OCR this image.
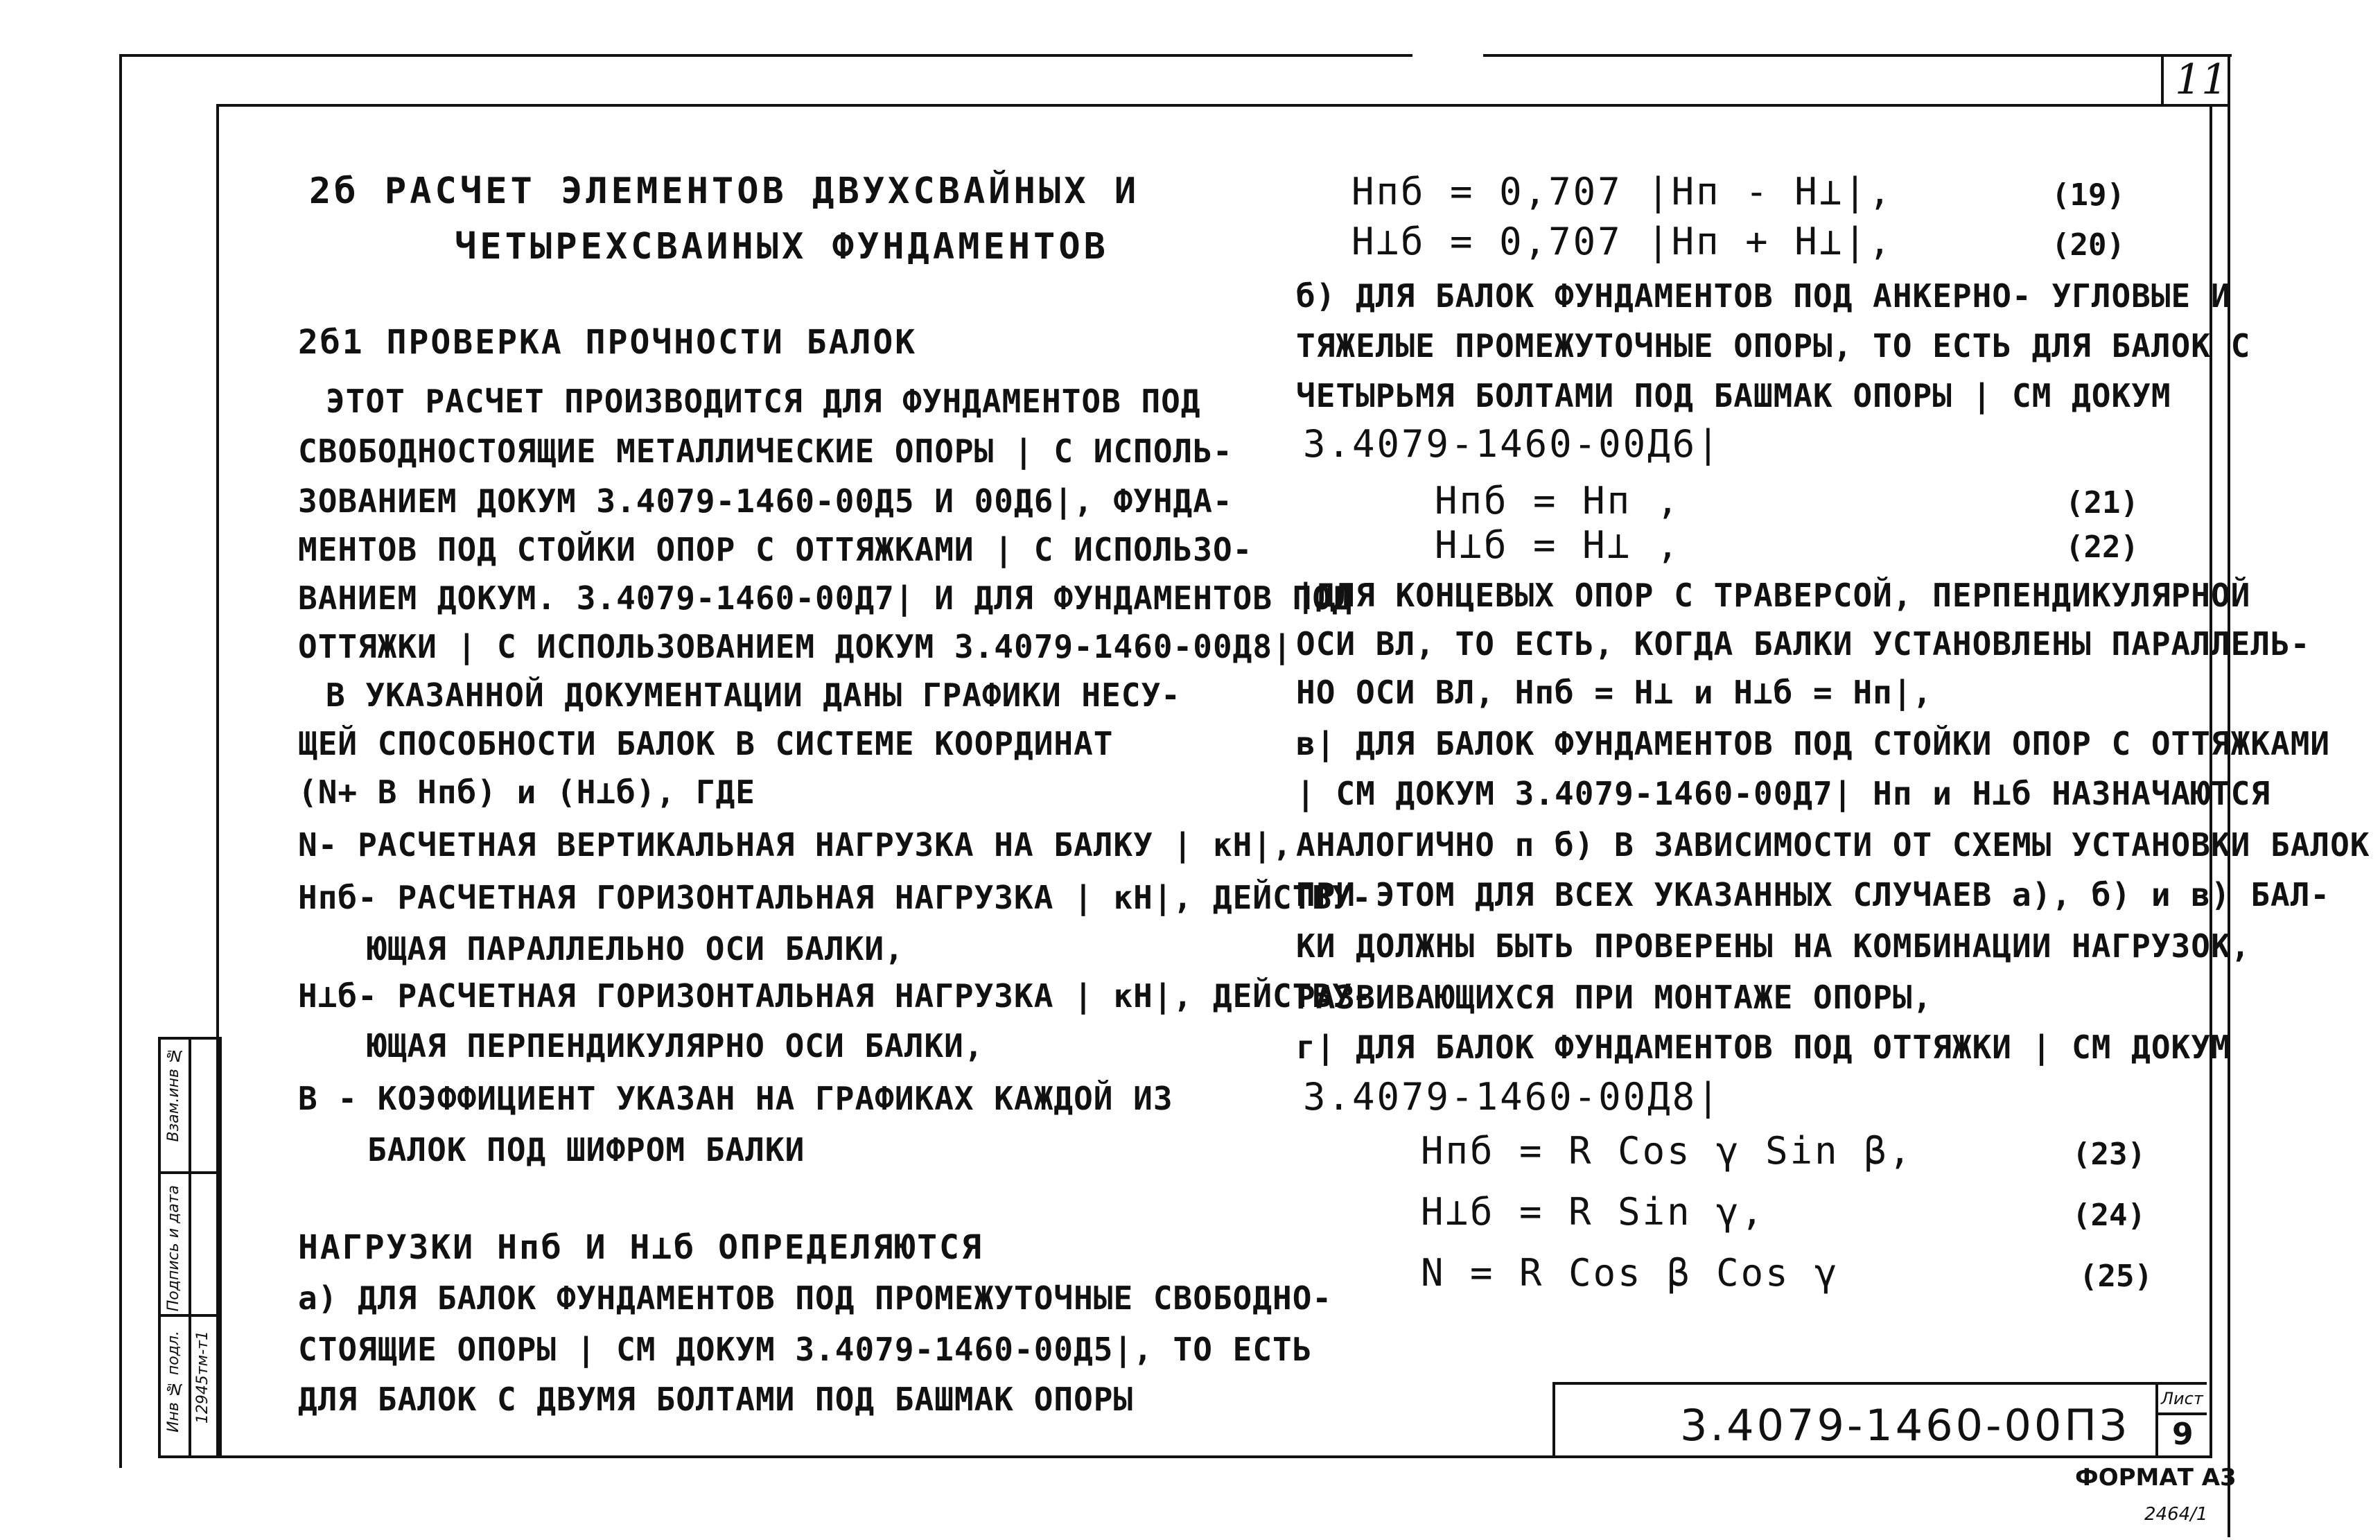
11
Взам.инв №
Подпись и дата
Инв № подл. 12945тм-т1
2б РАСЧЕТ ЭЛЕМЕНТОВ ДВУХСВАЙНЫХ И
ЧЕТЫРЕХСВАИНЫХ ФУНДАМЕНТОВ
2б1 ПРОВЕРКА ПРОЧНОСТИ БАЛОК
ЭТОТ РАСЧЕТ ПРОИЗВОДИТСЯ ДЛЯ ФУНДАМЕНТОВ ПОД
СВОБОДНОСТОЯЩИЕ МЕТАЛЛИЧЕСКИЕ ОПОРЫ | С ИСПОЛЬ-
ЗОВАНИЕМ ДОКУМ 3.4079-1460-00Д5 И 00Д6|, ФУНДА-
МЕНТОВ ПОД СТОЙКИ ОПОР С ОТТЯЖКАМИ | С ИСПОЛЬЗО-
ВАНИЕМ ДОКУМ. 3.4079-1460-00Д7| И ДЛЯ ФУНДАМЕНТОВ ПОД
ОТТЯЖКИ | С ИСПОЛЬЗОВАНИЕМ ДОКУМ 3.4079-1460-00Д8|
В УКАЗАННОЙ ДОКУМЕНТАЦИИ ДАНЫ ГРАФИКИ НЕСУ-
ЩЕЙ СПОСОБНОСТИ БАЛОК В СИСТЕМЕ КООРДИНАТ
(N+ В Hпб) и (H⊥б), ГДЕ
N- РАСЧЕТНАЯ ВЕРТИКАЛЬНАЯ НАГРУЗКА НА БАЛКУ | кН|,
Hпб- РАСЧЕТНАЯ ГОРИЗОНТАЛЬНАЯ НАГРУЗКА | кН|, ДЕЙСТВУ-
ЮЩАЯ ПАРАЛЛЕЛЬНО ОСИ БАЛКИ,
H⊥б- РАСЧЕТНАЯ ГОРИЗОНТАЛЬНАЯ НАГРУЗКА | кН|, ДЕЙСТВУ-
ЮЩАЯ ПЕРПЕНДИКУЛЯРНО ОСИ БАЛКИ,
В - КОЭФФИЦИЕНТ УКАЗАН НА ГРАФИКАХ КАЖДОЙ ИЗ
БАЛОК ПОД ШИФРОМ БАЛКИ
НАГРУЗКИ Hпб И H⊥б ОПРЕДЕЛЯЮТСЯ
а) ДЛЯ БАЛОК ФУНДАМЕНТОВ ПОД ПРОМЕЖУТОЧНЫЕ СВОБОДНО-
СТОЯЩИЕ ОПОРЫ | СМ ДОКУМ 3.4079-1460-00Д5|, ТО ЕСТЬ
ДЛЯ БАЛОК С ДВУМЯ БОЛТАМИ ПОД БАШМАК ОПОРЫ
Hпб = 0,707 |Hп - H⊥|,	(19)
H⊥б = 0,707 |Hп + H⊥|,	(20)
б) ДЛЯ БАЛОК ФУНДАМЕНТОВ ПОД АНКЕРНО- УГЛОВЫЕ И
ТЯЖЕЛЫЕ ПРОМЕЖУТОЧНЫЕ ОПОРЫ, ТО ЕСТЬ ДЛЯ БАЛОК С
ЧЕТЫРЬМЯ БОЛТАМИ ПОД БАШМАК ОПОРЫ | СМ ДОКУМ
3.4079-1460-00Д6|
Hпб = Hп ,	(21)
H⊥б = H⊥ ,	(22)
|ДЛЯ КОНЦЕВЫХ ОПОР С ТРАВЕРСОЙ, ПЕРПЕНДИКУЛЯРНОЙ
ОСИ ВЛ, ТО ЕСТЬ, КОГДА БАЛКИ УСТАНОВЛЕНЫ ПАРАЛЛЕЛЬ-
НО ОСИ ВЛ, Hпб = H⊥ и H⊥б = Hп|,
в| ДЛЯ БАЛОК ФУНДАМЕНТОВ ПОД СТОЙКИ ОПОР С ОТТЯЖКАМИ
| СМ ДОКУМ 3.4079-1460-00Д7| Hп и H⊥б НАЗНАЧАЮТСЯ
АНАЛОГИЧНО п б) В ЗАВИСИМОСТИ ОТ СХЕМЫ УСТАНОВКИ БАЛОК
ПРИ ЭТОМ ДЛЯ ВСЕХ УКАЗАННЫХ СЛУЧАЕВ а), б) и в) БАЛ-
КИ ДОЛЖНЫ БЫТЬ ПРОВЕРЕНЫ НА КОМБИНАЦИИ НАГРУЗОК,
РАЗВИВАЮЩИХСЯ ПРИ МОНТАЖЕ ОПОРЫ,
г| ДЛЯ БАЛОК ФУНДАМЕНТОВ ПОД ОТТЯЖКИ | СМ ДОКУМ
3.4079-1460-00Д8|
Hпб = R Cos γ Sin β,	(23)
H⊥б = R Sin γ,	(24)
N = R Cos β Cos γ	(25)
3.4079-1460-00ПЗ
Лист
9
ФОРМАТ А3
2464/1
